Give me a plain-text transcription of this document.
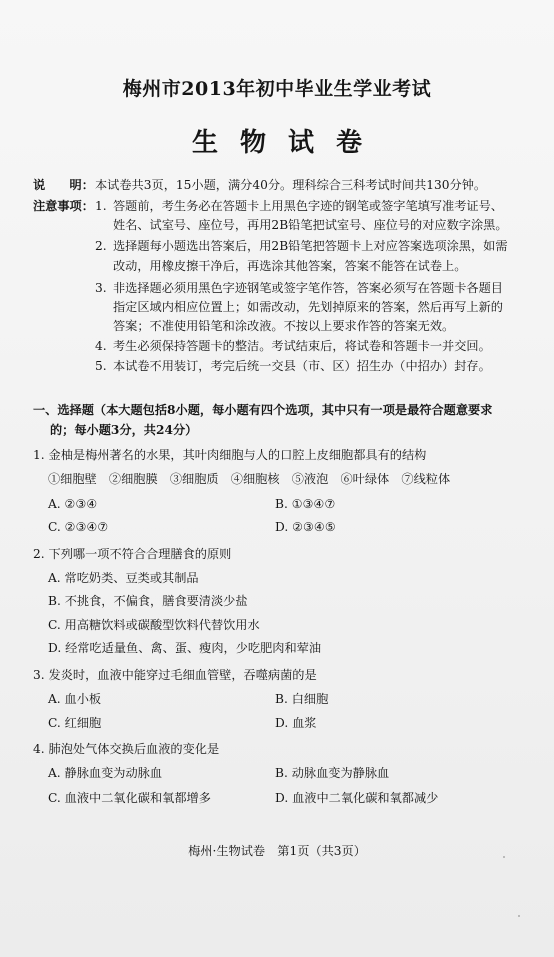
梅州市2013年初中毕业生学业考试
生物试卷
说　　明： 本试卷共3页，15小题，满分40分。理科综合三科考试时间共130分钟。
注意事项： 1. 答题前，考生务必在答题卡上用黑色字迹的钢笔或签字笔填写准考证号、
姓名、试室号、座位号，再用2B铅笔把试室号、座位号的对应数字涂黑。
2. 选择题每小题选出答案后，用2B铅笔把答题卡上对应答案选项涂黑，如需
改动，用橡皮擦干净后，再选涂其他答案，答案不能答在试卷上。
3. 非选择题必须用黑色字迹钢笔或签字笔作答，答案必须写在答题卡各题目
指定区域内相应位置上；如需改动，先划掉原来的答案，然后再写上新的
答案；不准使用铅笔和涂改液。不按以上要求作答的答案无效。
4. 考生必须保持答题卡的整洁。考试结束后，将试卷和答题卡一并交回。
5. 本试卷不用装订，考完后统一交县（市、区）招生办（中招办）封存。
一、选择题（本大题包括8小题，每小题有四个选项，其中只有一项是最符合题意要求
的；每小题3分，共24分）
1. 金柚是梅州著名的水果，其叶肉细胞与人的口腔上皮细胞都具有的结构
①细胞壁　②细胞膜　③细胞质　④细胞核　⑤液泡　⑥叶绿体　⑦线粒体
A. ②③④	B. ①③④⑦
C. ②③④⑦	D. ②③④⑤
2. 下列哪一项不符合合理膳食的原则
A. 常吃奶类、豆类或其制品
B. 不挑食，不偏食，膳食要清淡少盐
C. 用高糖饮料或碳酸型饮料代替饮用水
D. 经常吃适量鱼、禽、蛋、瘦肉，少吃肥肉和荤油
3. 发炎时，血液中能穿过毛细血管壁，吞噬病菌的是
A. 血小板	B. 白细胞
C. 红细胞	D. 血浆
4. 肺泡处气体交换后血液的变化是
A. 静脉血变为动脉血	B. 动脉血变为静脉血
C. 血液中二氧化碳和氧都增多	D. 血液中二氧化碳和氧都减少
梅州·生物试卷　第1页（共3页）
